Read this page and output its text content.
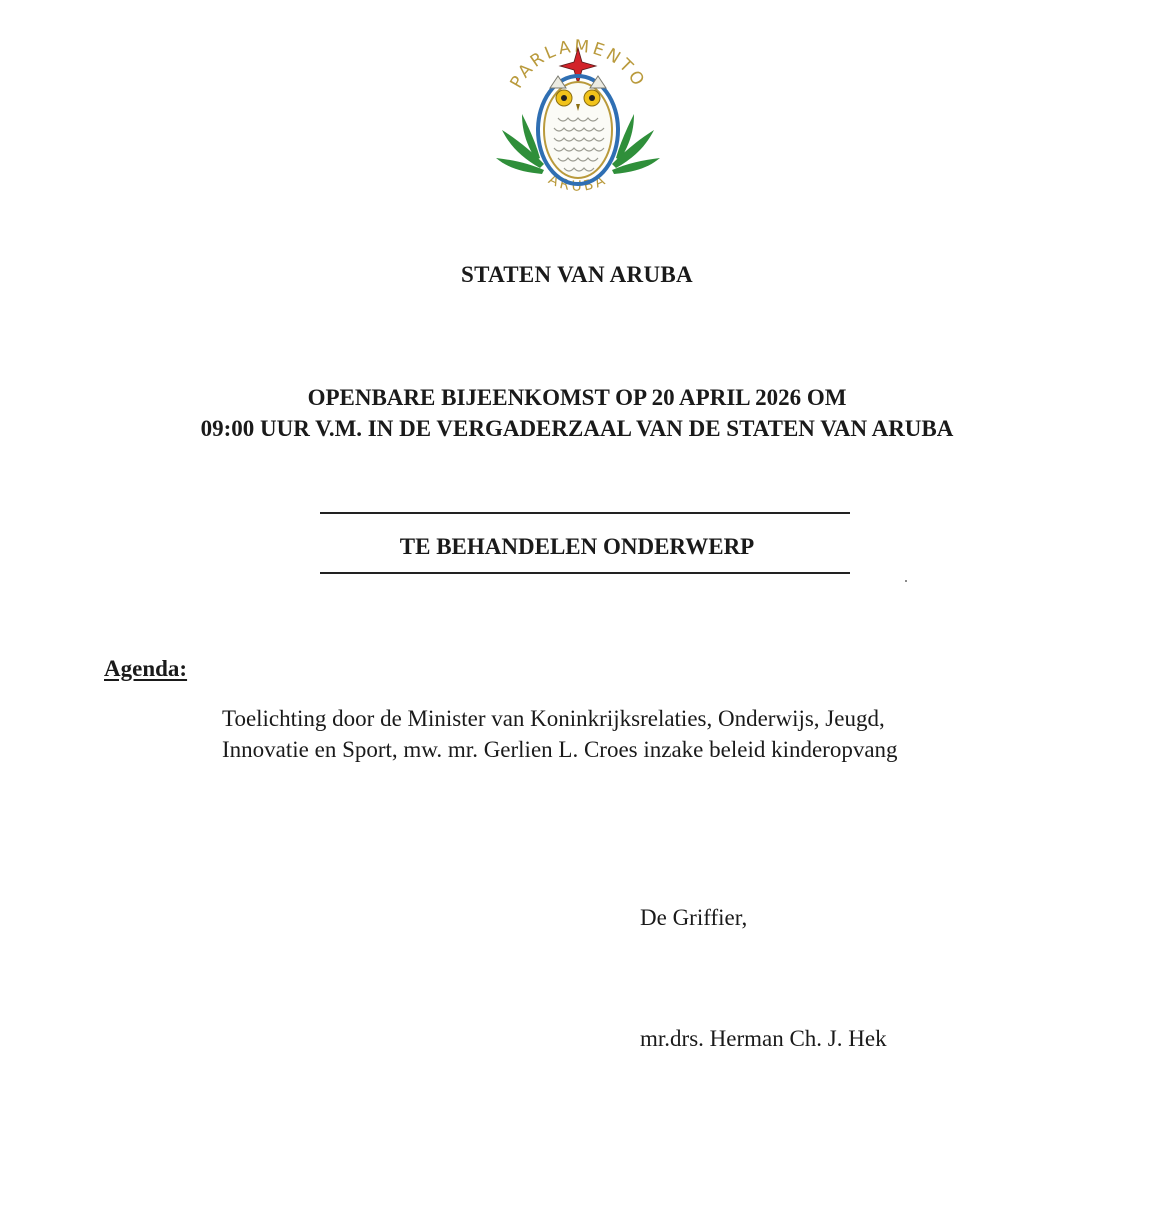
PARLAMENTO
ARUBA
STATEN VAN ARUBA
OPENBARE BIJEENKOMST OP 20 APRIL 2026 OM
09:00 UUR V.M. IN DE VERGADERZAAL VAN DE STATEN VAN ARUBA
TE BEHANDELEN ONDERWERP
Agenda:
Toelichting door de Minister van Koninkrijksrelaties, Onderwijs, Jeugd,
Innovatie en Sport, mw. mr. Gerlien L. Croes inzake beleid kinderopvang
De Griffier,
mr.drs. Herman Ch. J. Hek
